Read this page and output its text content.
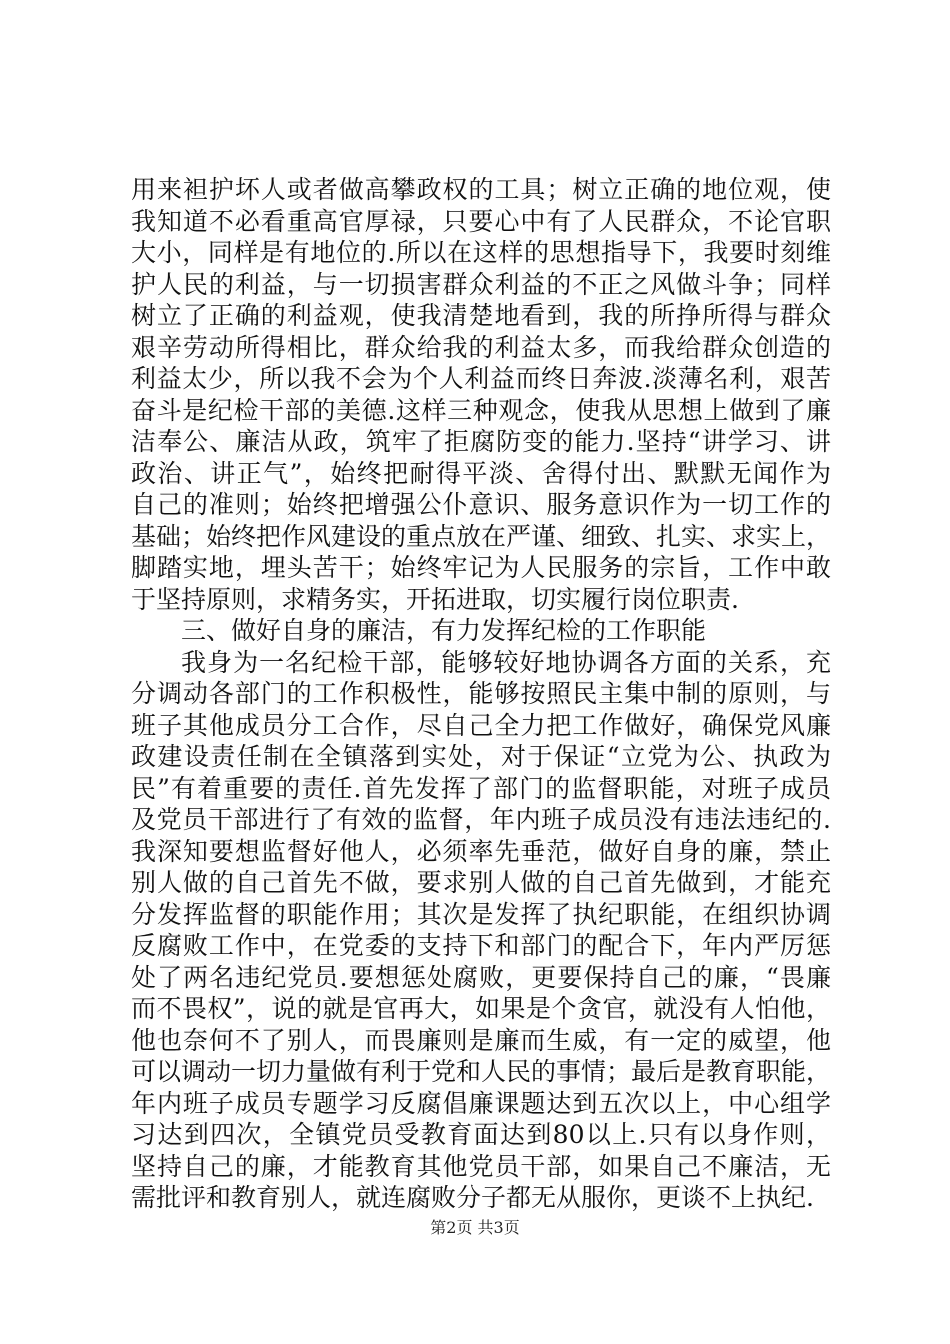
用来袒护坏人或者做高攀政权的工具；树立正确的地位观，使
我知道不必看重高官厚禄，只要心中有了人民群众，不论官职
大小，同样是有地位的.所以在这样的思想指导下，我要时刻维
护人民的利益，与一切损害群众利益的不正之风做斗争；同样
树立了正确的利益观，使我清楚地看到，我的所挣所得与群众
艰辛劳动所得相比，群众给我的利益太多，而我给群众创造的
利益太少，所以我不会为个人利益而终日奔波.淡薄名利，艰苦
奋斗是纪检干部的美德.这样三种观念，使我从思想上做到了廉
洁奉公、廉洁从政，筑牢了拒腐防变的能力.坚持“讲学习、讲
政治、讲正气”，始终把耐得平淡、舍得付出、默默无闻作为
自己的准则；始终把增强公仆意识、服务意识作为一切工作的
基础；始终把作风建设的重点放在严谨、细致、扎实、求实上，
脚踏实地，埋头苦干；始终牢记为人民服务的宗旨，工作中敢
于坚持原则，求精务实，开拓进取，切实履行岗位职责.
三、做好自身的廉洁，有力发挥纪检的工作职能
我身为一名纪检干部，能够较好地协调各方面的关系，充
分调动各部门的工作积极性，能够按照民主集中制的原则，与
班子其他成员分工合作，尽自己全力把工作做好，确保党风廉
政建设责任制在全镇落到实处，对于保证“立党为公、执政为
民”有着重要的责任.首先发挥了部门的监督职能，对班子成员
及党员干部进行了有效的监督，年内班子成员没有违法违纪的.
我深知要想监督好他人，必须率先垂范，做好自身的廉，禁止
别人做的自己首先不做，要求别人做的自己首先做到，才能充
分发挥监督的职能作用；其次是发挥了执纪职能，在组织协调
反腐败工作中，在党委的支持下和部门的配合下，年内严厉惩
处了两名违纪党员.要想惩处腐败，更要保持自己的廉，“畏廉
而不畏权”，说的就是官再大，如果是个贪官，就没有人怕他，
他也奈何不了别人，而畏廉则是廉而生威，有一定的威望，他
可以调动一切力量做有利于党和人民的事情；最后是教育职能，
年内班子成员专题学习反腐倡廉课题达到五次以上，中心组学
习达到四次，全镇党员受教育面达到80以上.只有以身作则，
坚持自己的廉，才能教育其他党员干部，如果自己不廉洁，无
需批评和教育别人，就连腐败分子都无从服你，更谈不上执纪.
第2页 共3页
